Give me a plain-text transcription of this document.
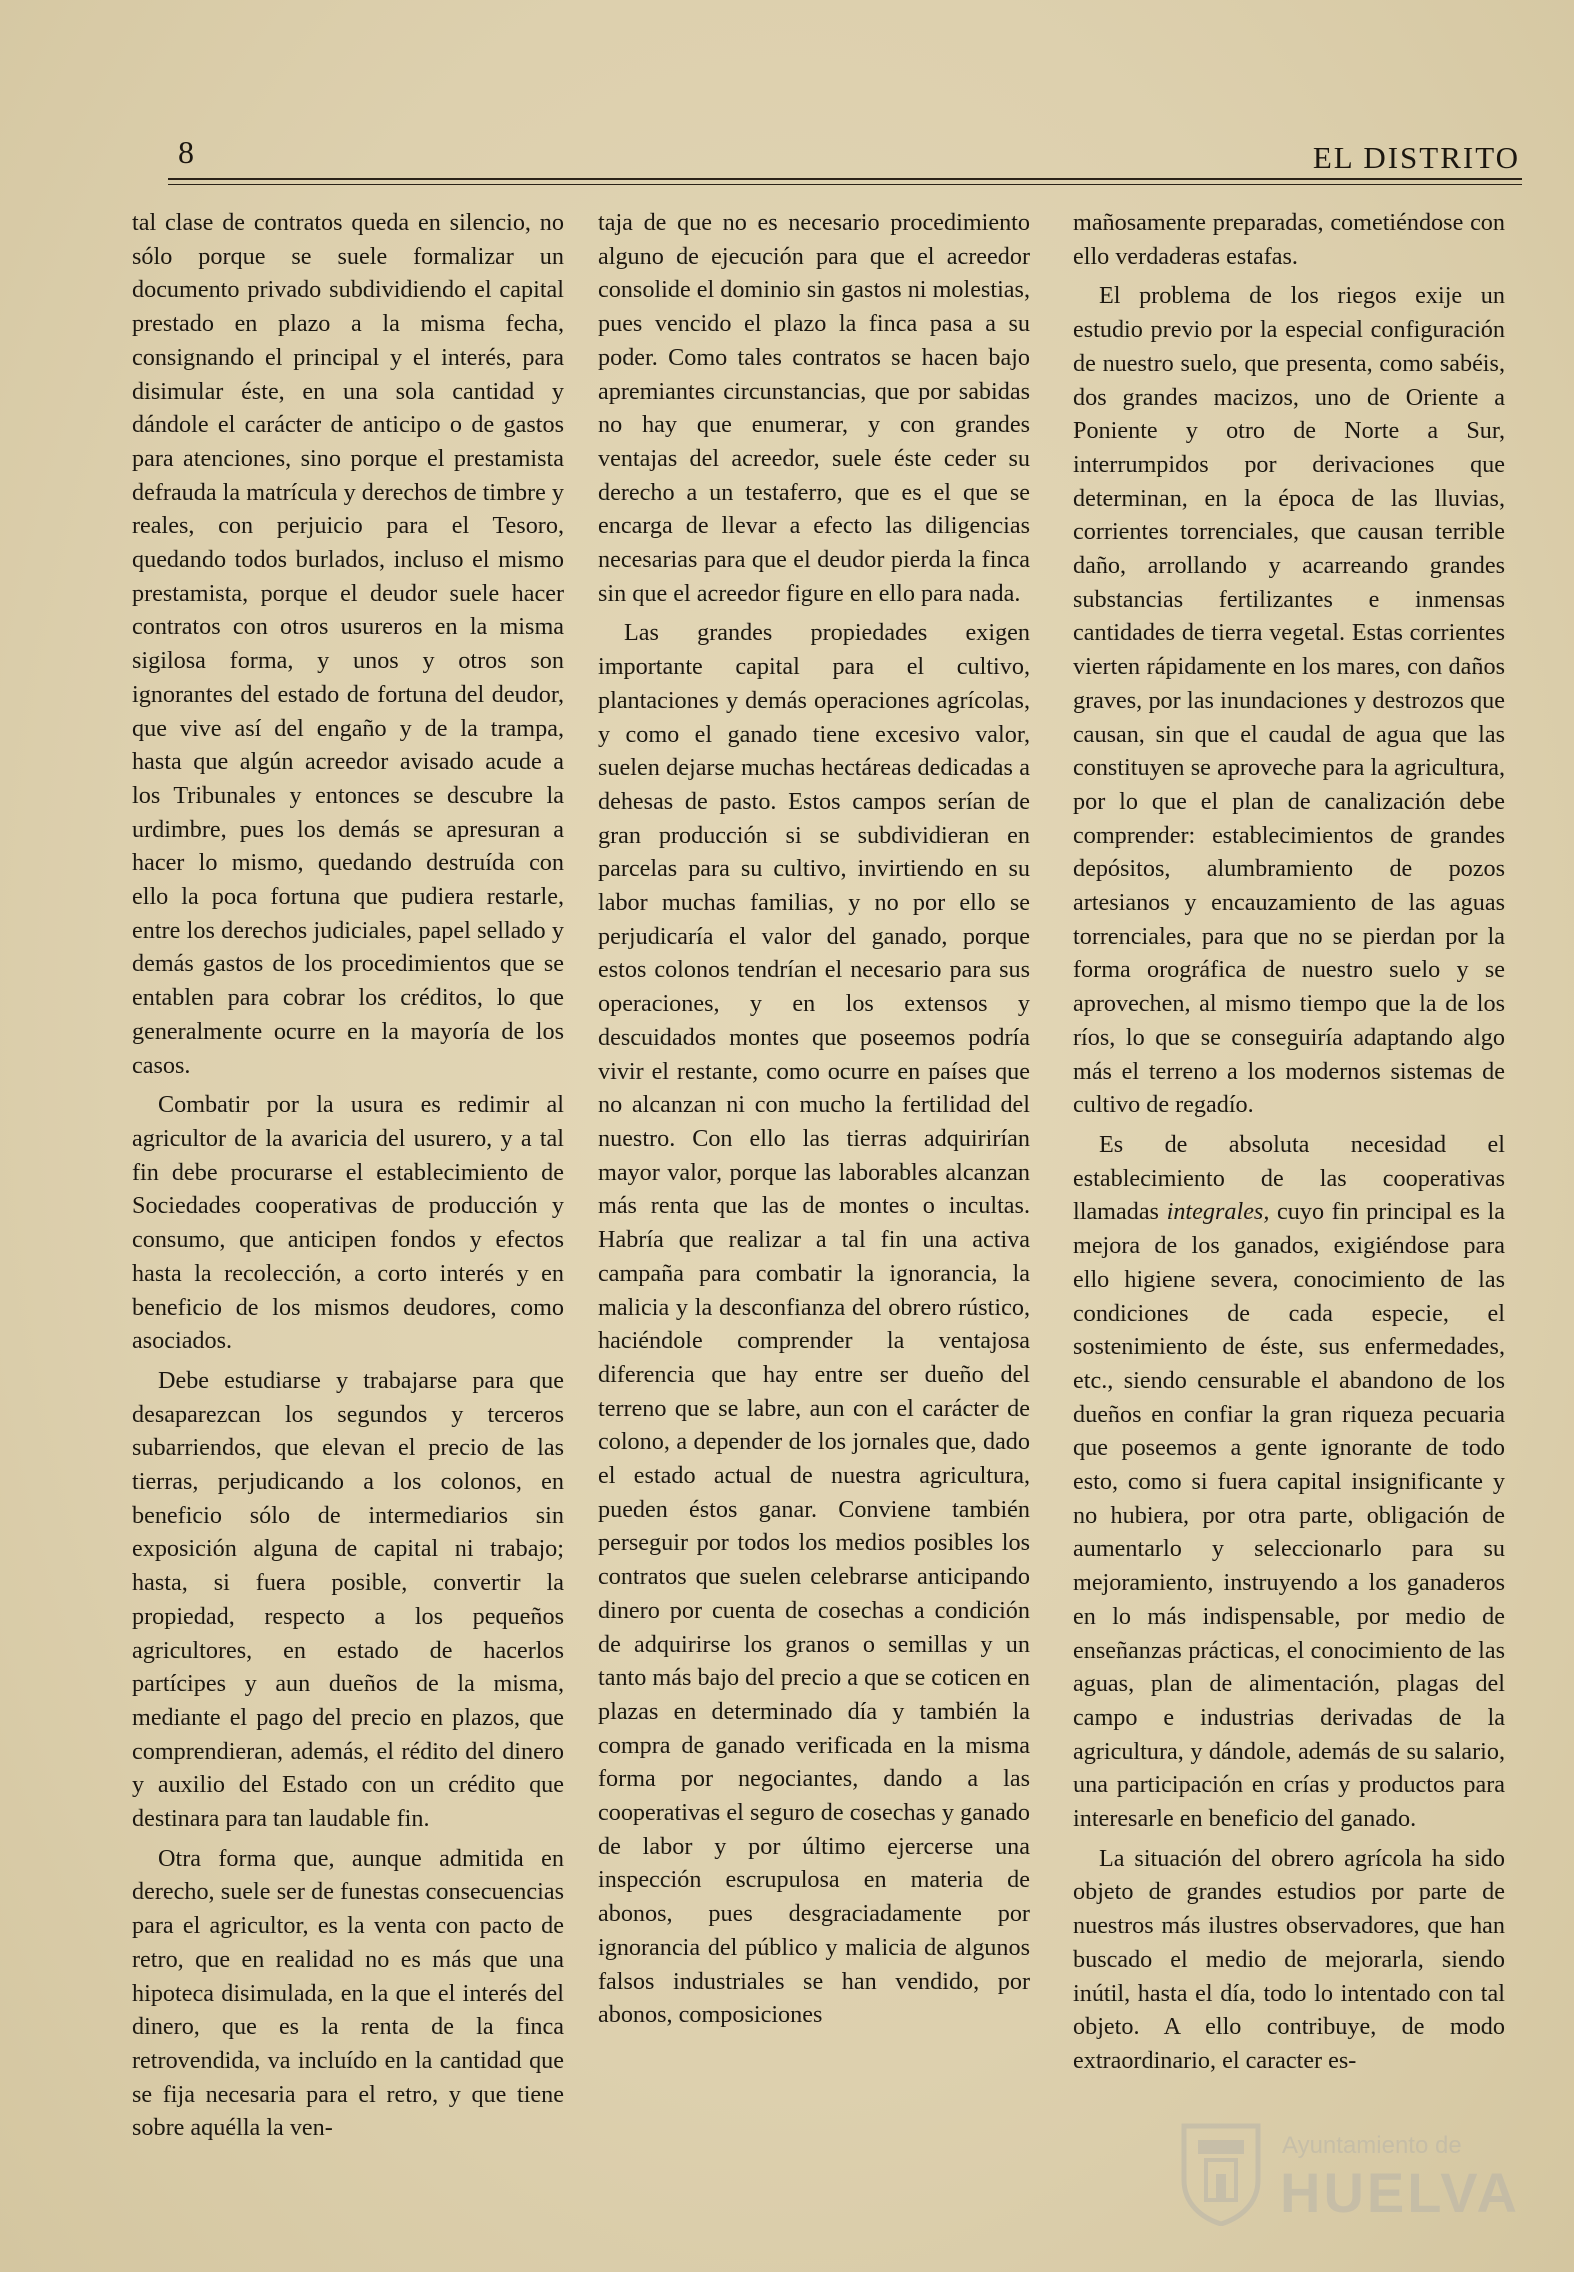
8	EL DISTRITO

tal clase de contratos queda en silencio, no sólo porque se suele formalizar un documento privado subdividiendo el capital prestado en plazo a la misma fecha, consignando el principal y el interés, para disimular éste, en una sola cantidad y dándole el carácter de anticipo o de gastos para atenciones, sino porque el prestamista defrauda la matrícula y derechos de timbre y reales, con perjuicio para el Tesoro, quedando todos burlados, incluso el mismo prestamista, porque el deudor suele hacer contratos con otros usureros en la misma sigilosa forma, y unos y otros son ignorantes del estado de fortuna del deudor, que vive así del engaño y de la trampa, hasta que algún acreedor avisado acude a los Tribunales y entonces se descubre la urdimbre, pues los demás se apresuran a hacer lo mismo, quedando destruída con ello la poca fortuna que pudiera restarle, entre los derechos judiciales, papel sellado y demás gastos de los procedimientos que se entablen para cobrar los créditos, lo que generalmente ocurre en la mayoría de los casos.

Combatir por la usura es redimir al agricultor de la avaricia del usurero, y a tal fin debe procurarse el establecimiento de Sociedades cooperativas de producción y consumo, que anticipen fondos y efectos hasta la recolección, a corto interés y en beneficio de los mismos deudores, como asociados.

Debe estudiarse y trabajarse para que desaparezcan los segundos y terceros subarriendos, que elevan el precio de las tierras, perjudicando a los colonos, en beneficio sólo de intermediarios sin exposición alguna de capital ni trabajo; hasta, si fuera posible, convertir la propiedad, respecto a los pequeños agricultores, en estado de hacerlos partícipes y aun dueños de la misma, mediante el pago del precio en plazos, que comprendieran, además, el rédito del dinero y auxilio del Estado con un crédito que destinara para tan laudable fin.

Otra forma que, aunque admitida en derecho, suele ser de funestas consecuencias para el agricultor, es la venta con pacto de retro, que en realidad no es más que una hipoteca disimulada, en la que el interés del dinero, que es la renta de la finca retrovendida, va incluído en la cantidad que se fija necesaria para el retro, y que tiene sobre aquélla la ven-

taja de que no es necesario procedimiento alguno de ejecución para que el acreedor consolide el dominio sin gastos ni molestias, pues vencido el plazo la finca pasa a su poder. Como tales contratos se hacen bajo apremiantes circunstancias, que por sabidas no hay que enumerar, y con grandes ventajas del acreedor, suele éste ceder su derecho a un testaferro, que es el que se encarga de llevar a efecto las diligencias necesarias para que el deudor pierda la finca sin que el acreedor figure en ello para nada.

Las grandes propiedades exigen importante capital para el cultivo, plantaciones y demás operaciones agrícolas, y como el ganado tiene excesivo valor, suelen dejarse muchas hectáreas dedicadas a dehesas de pasto. Estos campos serían de gran producción si se subdividieran en parcelas para su cultivo, invirtiendo en su labor muchas familias, y no por ello se perjudicaría el valor del ganado, porque estos colonos tendrían el necesario para sus operaciones, y en los extensos y descuidados montes que poseemos podría vivir el restante, como ocurre en países que no alcanzan ni con mucho la fertilidad del nuestro. Con ello las tierras adquirirían mayor valor, porque las laborables alcanzan más renta que las de montes o incultas. Habría que realizar a tal fin una activa campaña para combatir la ignorancia, la malicia y la desconfianza del obrero rústico, haciéndole comprender la ventajosa diferencia que hay entre ser dueño del terreno que se labre, aun con el carácter de colono, a depender de los jornales que, dado el estado actual de nuestra agricultura, pueden éstos ganar. Conviene también perseguir por todos los medios posibles los contratos que suelen celebrarse anticipando dinero por cuenta de cosechas a condición de adquirirse los granos o semillas y un tanto más bajo del precio a que se coticen en plazas en determinado día y también la compra de ganado verificada en la misma forma por negociantes, dando a las cooperativas el seguro de cosechas y ganado de labor y por último ejercerse una inspección escrupulosa en materia de abonos, pues desgraciadamente por ignorancia del público y malicia de algunos falsos industriales se han vendido, por abonos, composiciones

mañosamente preparadas, cometiéndose con ello verdaderas estafas.

El problema de los riegos exije un estudio previo por la especial configuración de nuestro suelo, que presenta, como sabéis, dos grandes macizos, uno de Oriente a Poniente y otro de Norte a Sur, interrumpidos por derivaciones que determinan, en la época de las lluvias, corrientes torrenciales, que causan terrible daño, arrollando y acarreando grandes substancias fertilizantes e inmensas cantidades de tierra vegetal. Estas corrientes vierten rápidamente en los mares, con daños graves, por las inundaciones y destrozos que causan, sin que el caudal de agua que las constituyen se aproveche para la agricultura, por lo que el plan de canalización debe comprender: establecimientos de grandes depósitos, alumbramiento de pozos artesianos y encauzamiento de las aguas torrenciales, para que no se pierdan por la forma orográfica de nuestro suelo y se aprovechen, al mismo tiempo que la de los ríos, lo que se conseguiría adaptando algo más el terreno a los modernos sistemas de cultivo de regadío.

Es de absoluta necesidad el establecimiento de las cooperativas llamadas integrales, cuyo fin principal es la mejora de los ganados, exigiéndose para ello higiene severa, conocimiento de las condiciones de cada especie, el sostenimiento de éste, sus enfermedades, etc., siendo censurable el abandono de los dueños en confiar la gran riqueza pecuaria que poseemos a gente ignorante de todo esto, como si fuera capital insignificante y no hubiera, por otra parte, obligación de aumentarlo y seleccionarlo para su mejoramiento, instruyendo a los ganaderos en lo más indispensable, por medio de enseñanzas prácticas, el conocimiento de las aguas, plan de alimentación, plagas del campo e industrias derivadas de la agricultura, y dándole, además de su salario, una participación en crías y productos para interesarle en beneficio del ganado.

La situación del obrero agrícola ha sido objeto de grandes estudios por parte de nuestros más ilustres observadores, que han buscado el medio de mejorarla, siendo inútil, hasta el día, todo lo intentado con tal objeto. A ello contribuye, de modo extraordinario, el caracter es-

Ayuntamiento de
HUELVA
